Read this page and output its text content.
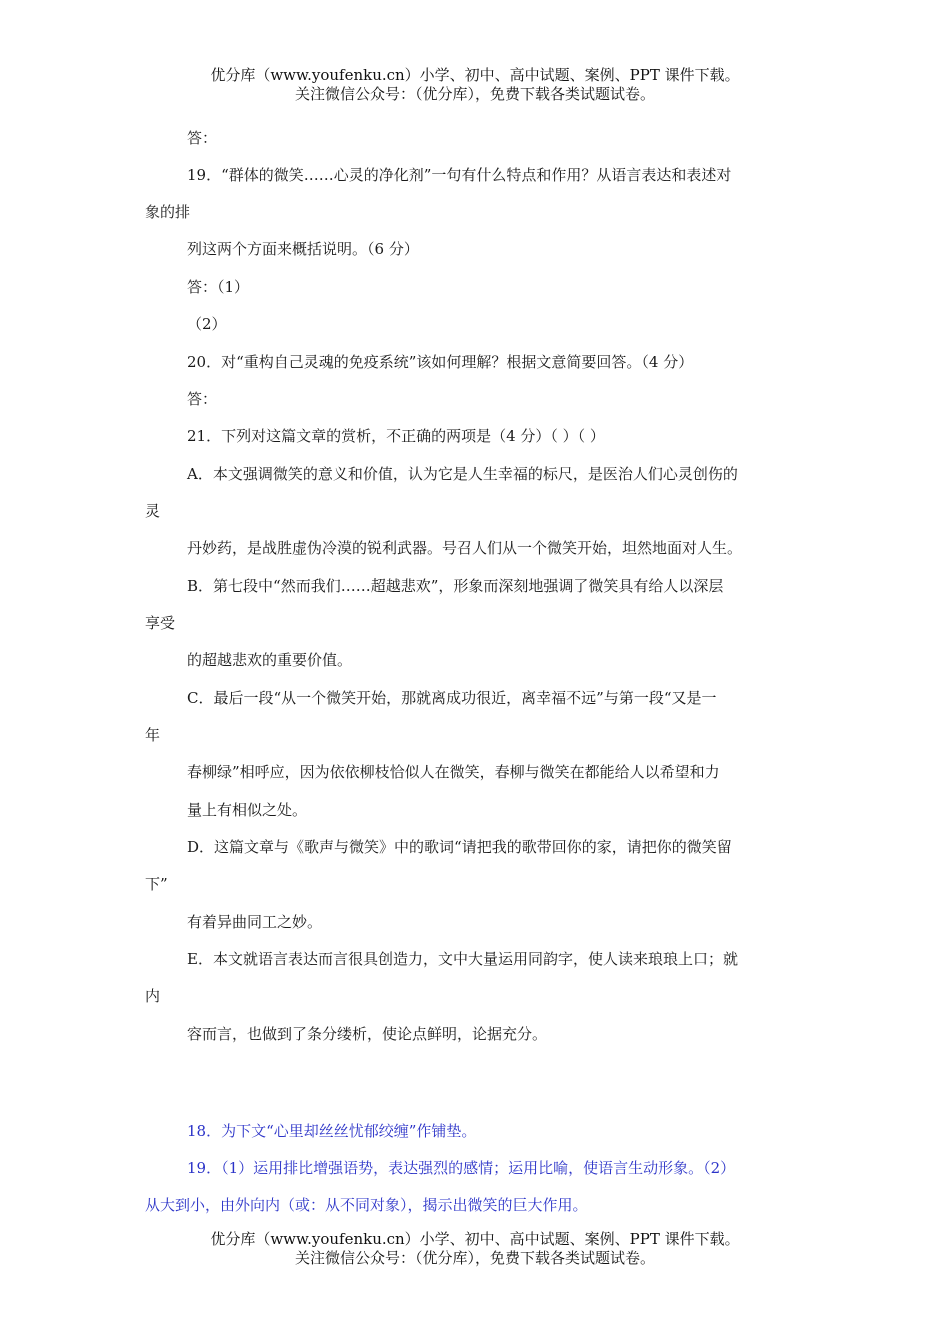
优分库（www.youfenku.cn）小学、初中、高中试题、案例、PPT 课件下载。
关注微信公众号：（优分库），免费下载各类试题试卷。
答：
19．“群体的微笑……心灵的净化剂”一句有什么特点和作用？从语言表达和表述对
象的排
列这两个方面来概括说明。（6 分）
答：（1）
（2）
20．对“重构自己灵魂的免疫系统”该如何理解？根据文意简要回答。（4 分）
答：
21．下列对这篇文章的赏析，不正确的两项是（4 分）（ ）（ ）
A．本文强调微笑的意义和价值，认为它是人生幸福的标尺，是医治人们心灵创伤的
灵
丹妙药，是战胜虚伪冷漠的锐利武器。号召人们从一个微笑开始，坦然地面对人生。
B．第七段中“然而我们……超越悲欢”，形象而深刻地强调了微笑具有给人以深层
享受
的超越悲欢的重要价值。
C．最后一段“从一个微笑开始，那就离成功很近，离幸福不远”与第一段“又是一
年
春柳绿”相呼应，因为依依柳枝恰似人在微笑，春柳与微笑在都能给人以希望和力
量上有相似之处。
D．这篇文章与《歌声与微笑》中的歌词“请把我的歌带回你的家，请把你的微笑留
下”
有着异曲同工之妙。
E．本文就语言表达而言很具创造力，文中大量运用同韵字，使人读来琅琅上口；就
内
容而言，也做到了条分缕析，使论点鲜明，论据充分。
18．为下文“心里却丝丝忧郁绞缠”作铺垫。
19．（1）运用排比增强语势，表达强烈的感情；运用比喻，使语言生动形象。（2）
从大到小，由外向内（或：从不同对象），揭示出微笑的巨大作用。
优分库（www.youfenku.cn）小学、初中、高中试题、案例、PPT 课件下载。
关注微信公众号：（优分库），免费下载各类试题试卷。
